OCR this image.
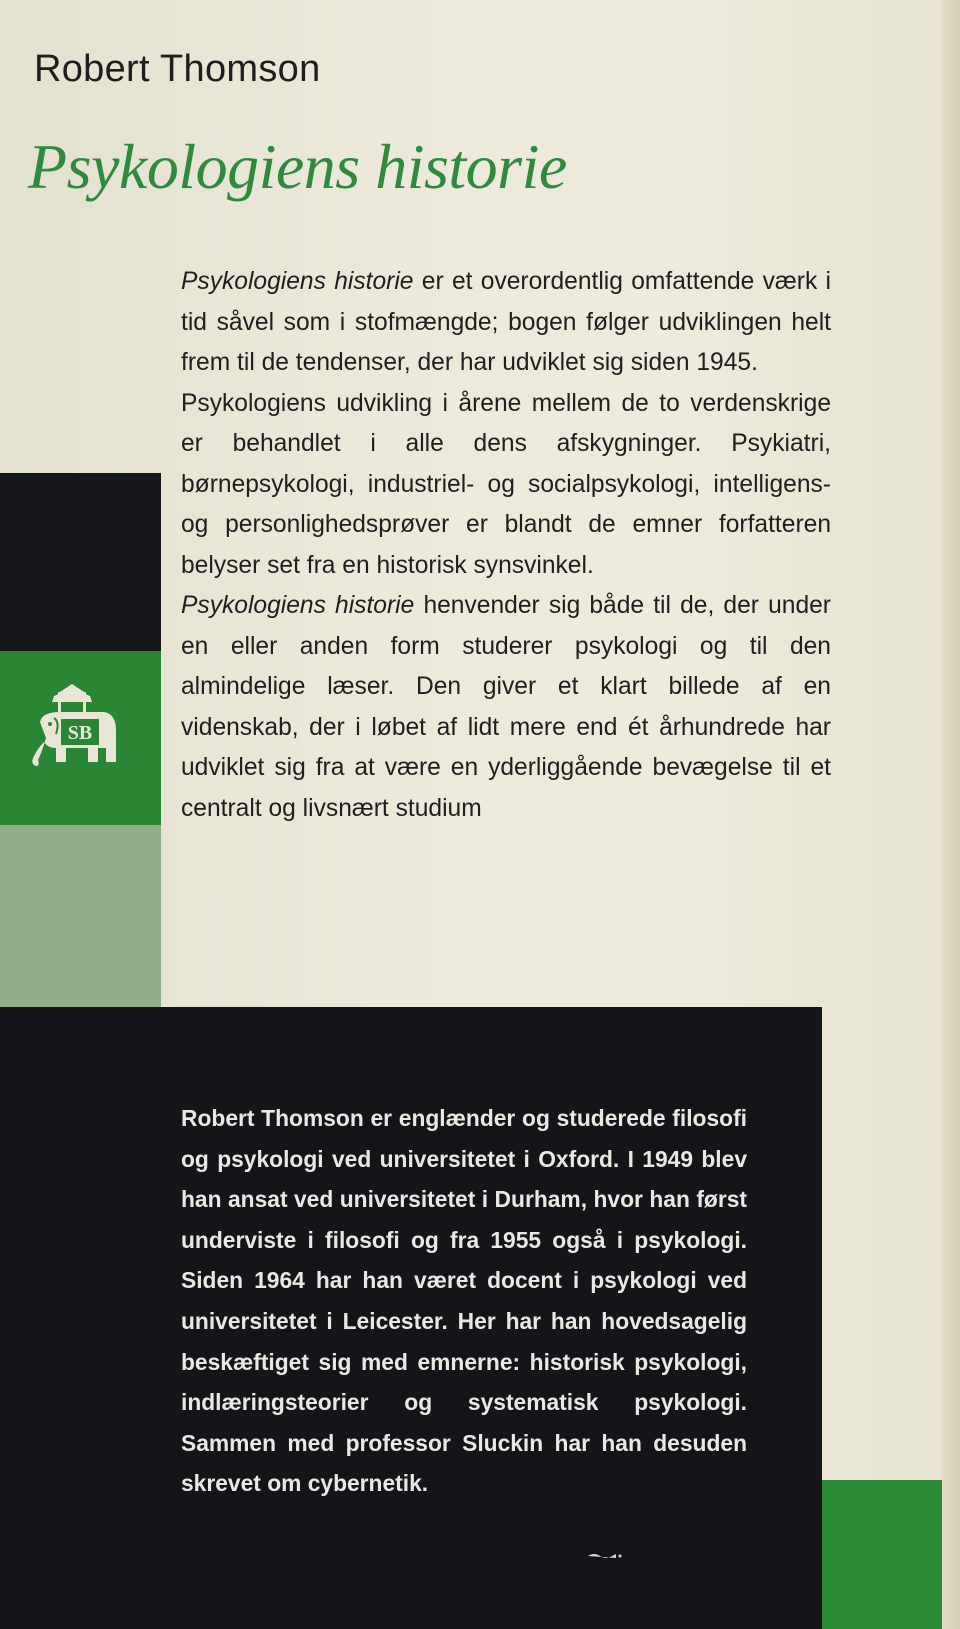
Robert Thomson
Psykologiens historie

Psykologiens historie er et overordentlig omfattende værk i tid såvel som i stofmængde; bogen følger udviklingen helt frem til de tendenser, der har udviklet sig siden 1945.

Psykologiens udvikling i årene mellem de to verdenskrige er behandlet i alle dens afskygninger. Psykiatri, børnepsykologi, industriel- og socialpsykologi, intelligens- og personlighedsprøver er blandt de emner forfatteren belyser set fra en historisk synsvinkel.

Psykologiens historie henvender sig både til de, der under en eller anden form studerer psykologi og til den almindelige læser. Den giver et klart billede af en videnskab, der i løbet af lidt mere end ét århundrede har udviklet sig fra at være en yderliggående bevægelse til et centralt og livsnært studium

SB

Robert Thomson er englænder og studerede filosofi og psykologi ved universitetet i Oxford. I 1949 blev han ansat ved universitetet i Durham, hvor han først underviste i filosofi og fra 1955 også i psykologi. Siden 1964 har han været docent i psykologi ved universitetet i Leicester. Her har han hovedsagelig beskæftiget sig med emnerne: historisk psykologi, indlæringsteorier og systematisk psykologi. Sammen med professor Sluckin har han desuden skrevet om cybernetik.
